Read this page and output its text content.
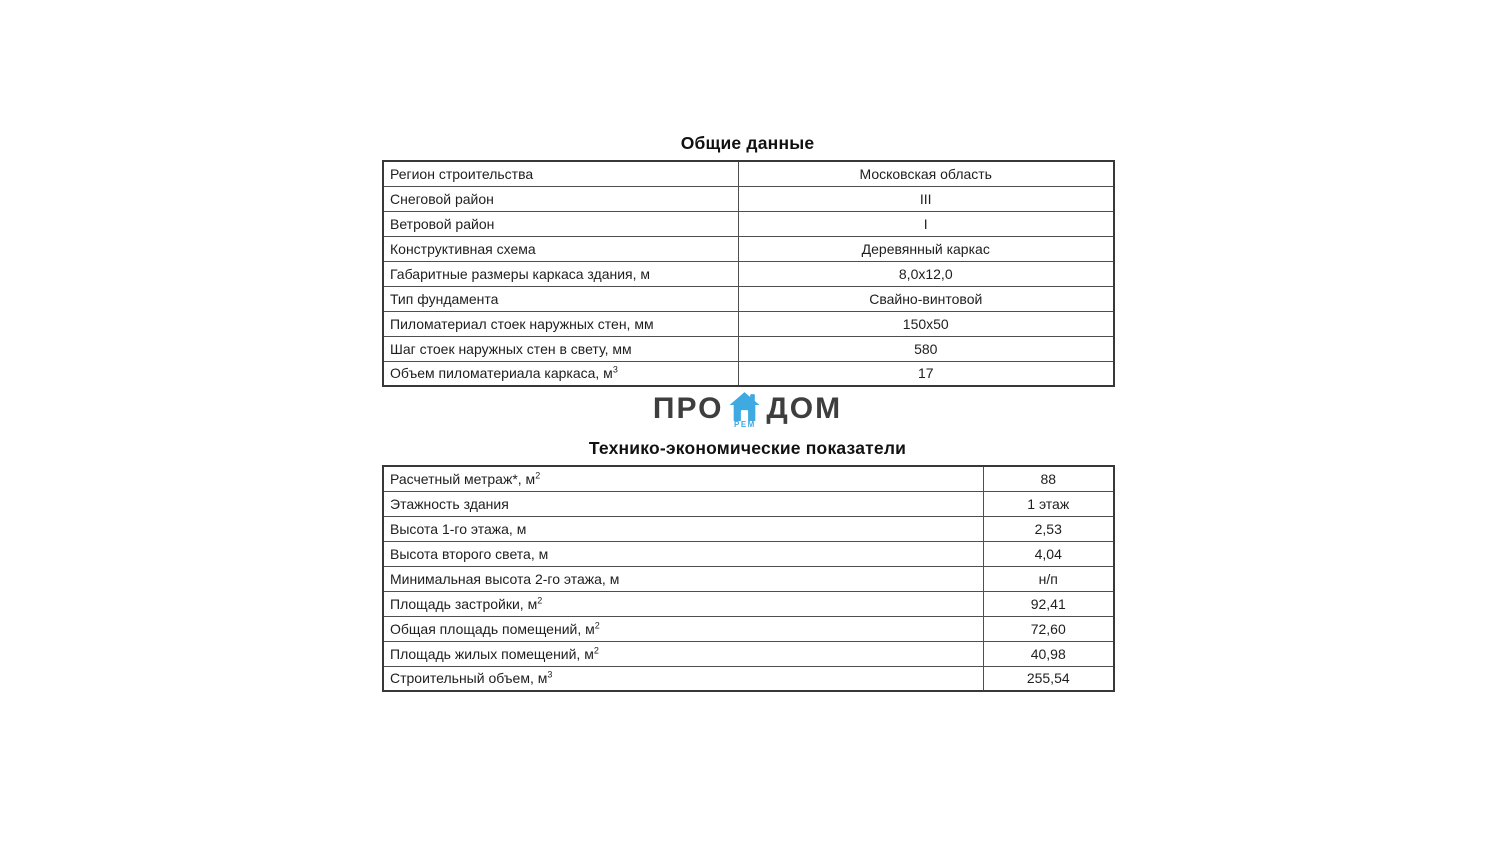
Общие данные
Регион строительства	Московская область
Снеговой район	III
Ветровой район	I
Конструктивная схема	Деревянный каркас
Габаритные размеры каркаса здания, м	8,0х12,0
Тип фундамента	Свайно-винтовой
Пиломатериал стоек наружных стен, мм	150х50
Шаг стоек наружных стен в свету, мм	580
Объем пиломатериала каркаса, $м^3$	17
ПРО РЕМ ДОМ
Технико-экономические показатели
Расчетный метраж*, $м^2$	88
Этажность здания	1 этаж
Высота 1-го этажа, м	2,53
Высота второго света, м	4,04
Минимальная высота 2-го этажа, м	н/п
Площадь застройки, $м^2$	92,41
Общая площадь помещений, $м^2$	72,60
Площадь жилых помещений, $м^2$	40,98
Строительный объем, $м^3$	255,54
